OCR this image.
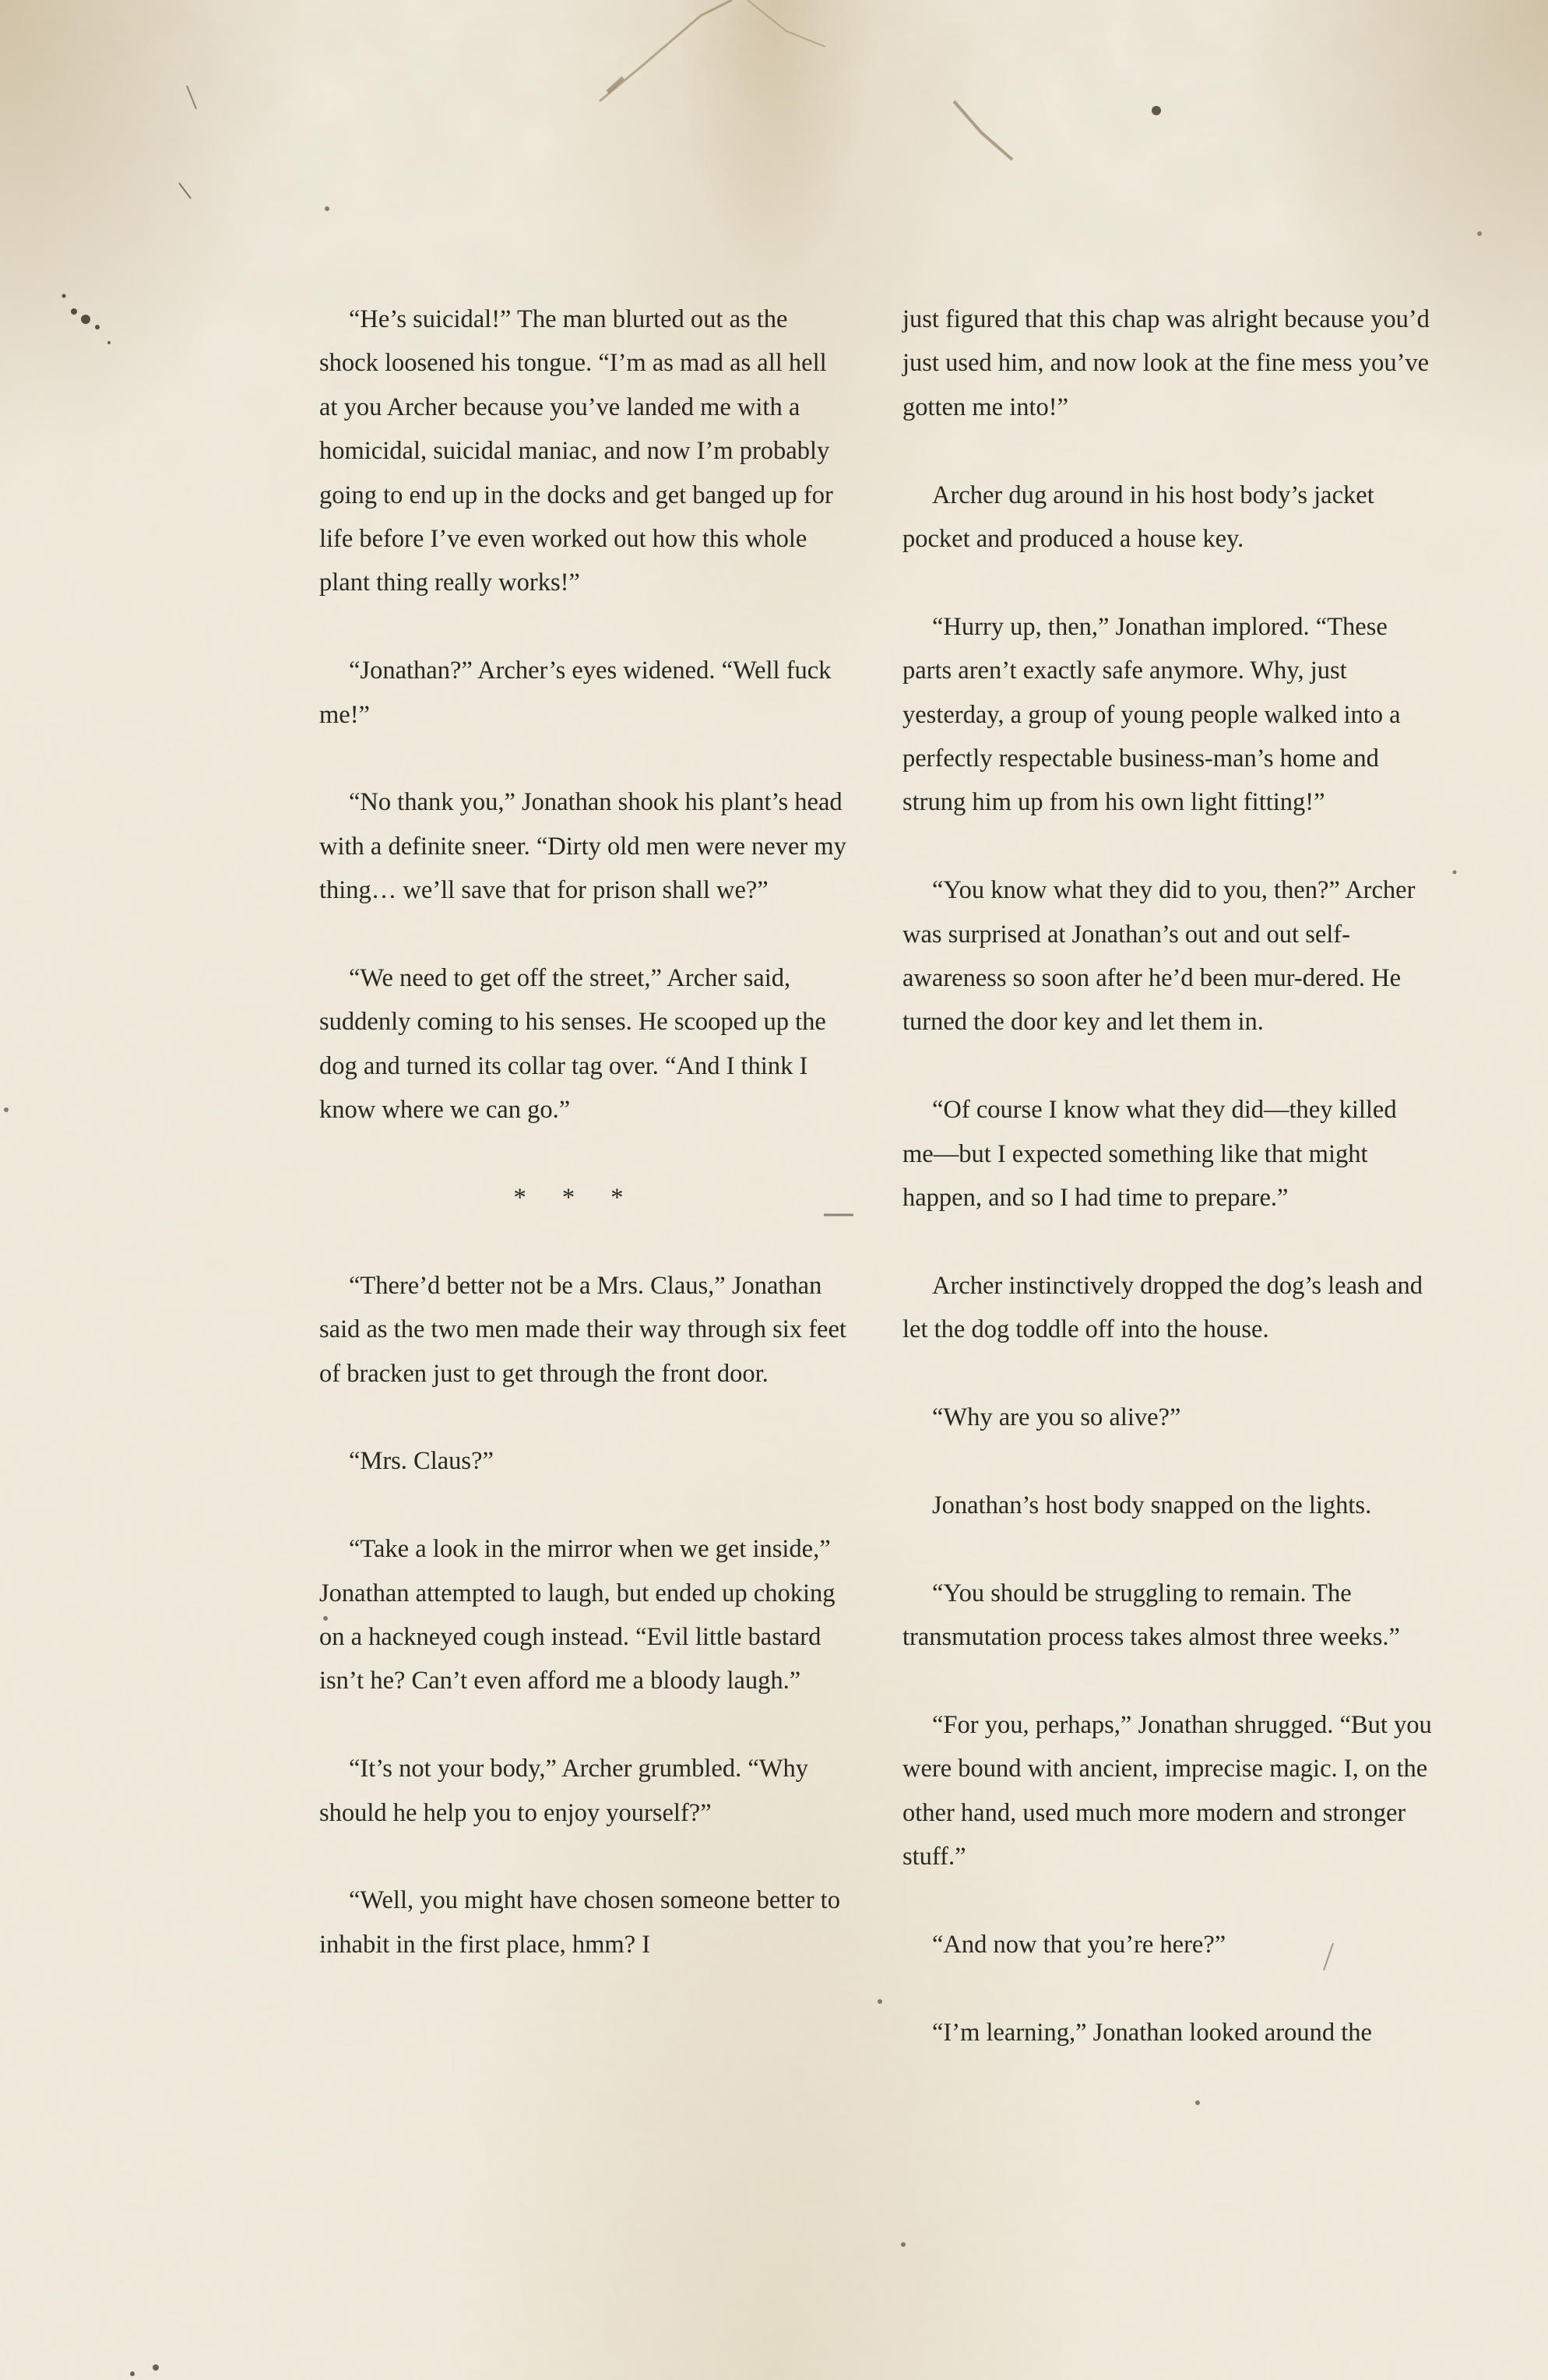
“He’s suicidal!” The man blurted out as the shock loosened his tongue. “I’m as mad as all hell at you Archer because you’ve landed me with a homicidal, suicidal maniac, and now I’m probably going to end up in the docks and get banged up for life before I’ve even worked out how this whole plant thing really works!”

“Jonathan?” Archer’s eyes widened. “Well fuck me!”

“No thank you,” Jonathan shook his plant’s head with a definite sneer. “Dirty old men were never my thing… we’ll save that for prison shall we?”

“We need to get off the street,” Archer said, suddenly coming to his senses. He scooped up the dog and turned its collar tag over. “And I think I know where we can go.”

* * *

“There’d better not be a Mrs. Claus,” Jonathan said as the two men made their way through six feet of bracken just to get through the front door.

“Mrs. Claus?”

“Take a look in the mirror when we get inside,” Jonathan attempted to laugh, but ended up choking on a hackneyed cough instead. “Evil little bastard isn’t he? Can’t even afford me a bloody laugh.”

“It’s not your body,” Archer grumbled. “Why should he help you to enjoy yourself?”

“Well, you might have chosen someone better to inhabit in the first place, hmm? I

just figured that this chap was alright because you’d just used him, and now look at the fine mess you’ve gotten me into!”

Archer dug around in his host body’s jacket pocket and produced a house key.

“Hurry up, then,” Jonathan implored. “These parts aren’t exactly safe anymore. Why, just yesterday, a group of young people walked into a perfectly respectable business-man’s home and strung him up from his own light fitting!”

“You know what they did to you, then?” Archer was surprised at Jonathan’s out and out self-awareness so soon after he’d been mur-dered. He turned the door key and let them in.

“Of course I know what they did—they killed me—but I expected something like that might happen, and so I had time to prepare.”

Archer instinctively dropped the dog’s leash and let the dog toddle off into the house.

“Why are you so alive?”

Jonathan’s host body snapped on the lights.

“You should be struggling to remain. The transmutation process takes almost three weeks.”

“For you, perhaps,” Jonathan shrugged. “But you were bound with ancient, imprecise magic. I, on the other hand, used much more modern and stronger stuff.”

“And now that you’re here?”

“I’m learning,” Jonathan looked around the
